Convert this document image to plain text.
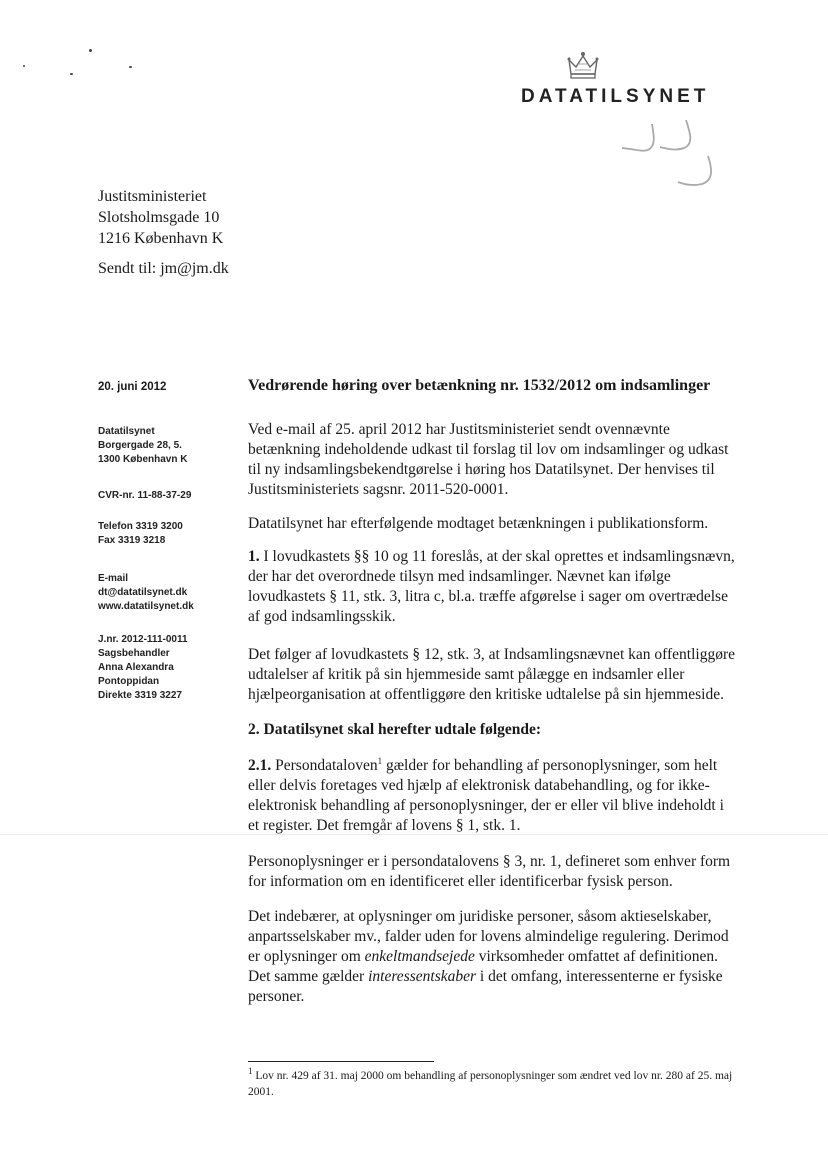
DATATILSYNET
Justitsministeriet
Slotsholmsgade 10
1216 København K
Sendt til: jm@jm.dk
20. juni 2012
Datatilsynet
Borgergade 28, 5.
1300 København K
CVR-nr. 11-88-37-29
Telefon 3319 3200
Fax 3319 3218
E-mail
dt@datatilsynet.dk
www.datatilsynet.dk
J.nr. 2012-111-0011
Sagsbehandler
Anna Alexandra
Pontoppidan
Direkte 3319 3227
Vedrørende høring over betænkning nr. 1532/2012 om indsamlinger
Ved e-mail af 25. april 2012 har Justitsministeriet sendt ovennævnte betænkning indeholdende udkast til forslag til lov om indsamlinger og udkast til ny indsamlingsbekendtgørelse i høring hos Datatilsynet. Der henvises til Justitsministeriets sagsnr. 2011-520-0001.
Datatilsynet har efterfølgende modtaget betænkningen i publikationsform.
1. I lovudkastets §§ 10 og 11 foreslås, at der skal oprettes et indsamlingsnævn, der har det overordnede tilsyn med indsamlinger. Nævnet kan ifølge lovudkastets § 11, stk. 3, litra c, bl.a. træffe afgørelse i sager om overtrædelse af god indsamlingsskik.
Det følger af lovudkastets § 12, stk. 3, at Indsamlingsnævnet kan offentliggøre udtalelser af kritik på sin hjemmeside samt pålægge en indsamler eller hjælpeorganisation at offentliggøre den kritiske udtalelse på sin hjemmeside.
2. Datatilsynet skal herefter udtale følgende:
2.1. Persondataloven$^1$ gælder for behandling af personoplysninger, som helt eller delvis foretages ved hjælp af elektronisk databehandling, og for ikke-elektronisk behandling af personoplysninger, der er eller vil blive indeholdt i et register. Det fremgår af lovens § 1, stk. 1.
Personoplysninger er i persondatalovens § 3, nr. 1, defineret som enhver form for information om en identificeret eller identificerbar fysisk person.
Det indebærer, at oplysninger om juridiske personer, såsom aktieselskaber, anpartsselskaber mv., falder uden for lovens almindelige regulering. Derimod er oplysninger om enkeltmandsejede virksomheder omfattet af definitionen. Det samme gælder interessentskaber i det omfang, interessenterne er fysiske personer.
$^1$ Lov nr. 429 af 31. maj 2000 om behandling af personoplysninger som ændret ved lov nr. 280 af 25. maj 2001.
